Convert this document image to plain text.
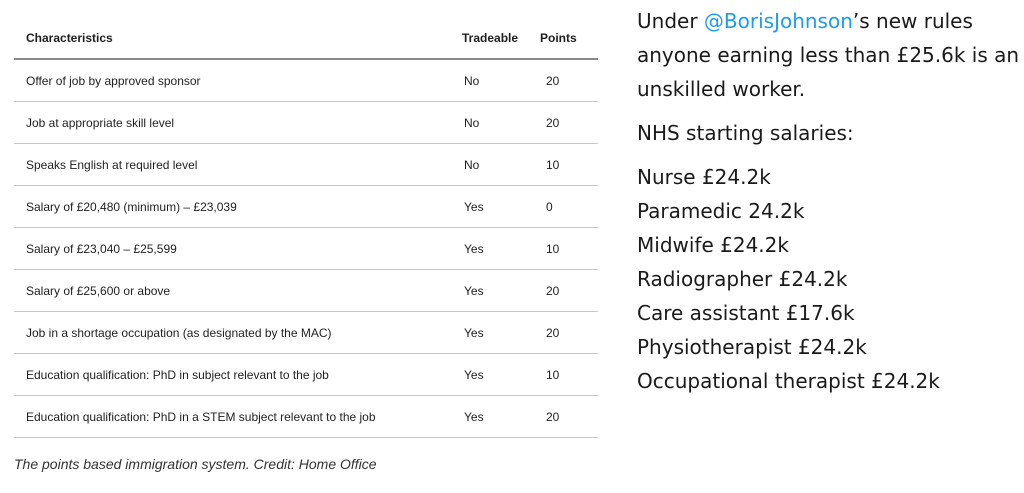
Characteristics	Tradeable	Points
Offer of job by approved sponsor	No	20
Job at appropriate skill level	No	20
Speaks English at required level	No	10
Salary of £20,480 (minimum) – £23,039	Yes	0
Salary of £23,040 – £25,599	Yes	10
Salary of £25,600 or above	Yes	20
Job in a shortage occupation (as designated by the MAC)	Yes	20
Education qualification: PhD in subject relevant to the job	Yes	10
Education qualification: PhD in a STEM subject relevant to the job	Yes	20
The points based immigration system. Credit: Home Office

Under @BorisJohnson’s new rules anyone earning less than £25.6k is an unskilled worker.

NHS starting salaries:

Nurse £24.2k
Paramedic 24.2k
Midwife £24.2k
Radiographer £24.2k
Care assistant £17.6k
Physiotherapist £24.2k
Occupational therapist £24.2k
